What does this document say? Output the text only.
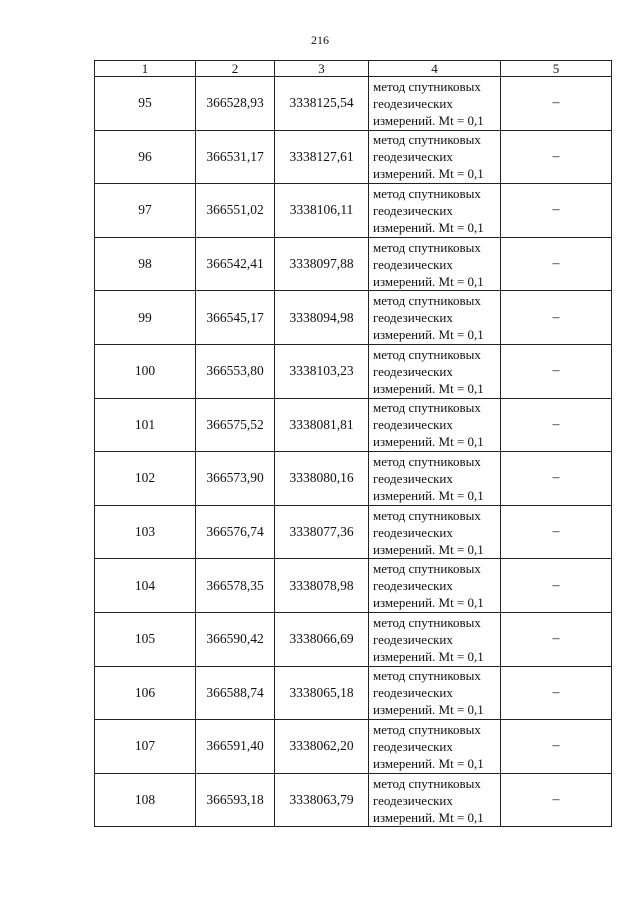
216
1	2	3	4	5
95	366528,93	3338125,54	метод спутниковых
геодезических
измерений. Mt = 0,1	–
96	366531,17	3338127,61	метод спутниковых
геодезических
измерений. Mt = 0,1	–
97	366551,02	3338106,11	метод спутниковых
геодезических
измерений. Mt = 0,1	–
98	366542,41	3338097,88	метод спутниковых
геодезических
измерений. Mt = 0,1	–
99	366545,17	3338094,98	метод спутниковых
геодезических
измерений. Mt = 0,1	–
100	366553,80	3338103,23	метод спутниковых
геодезических
измерений. Mt = 0,1	–
101	366575,52	3338081,81	метод спутниковых
геодезических
измерений. Mt = 0,1	–
102	366573,90	3338080,16	метод спутниковых
геодезических
измерений. Mt = 0,1	–
103	366576,74	3338077,36	метод спутниковых
геодезических
измерений. Mt = 0,1	–
104	366578,35	3338078,98	метод спутниковых
геодезических
измерений. Mt = 0,1	–
105	366590,42	3338066,69	метод спутниковых
геодезических
измерений. Mt = 0,1	–
106	366588,74	3338065,18	метод спутниковых
геодезических
измерений. Mt = 0,1	–
107	366591,40	3338062,20	метод спутниковых
геодезических
измерений. Mt = 0,1	–
108	366593,18	3338063,79	метод спутниковых
геодезических
измерений. Mt = 0,1	–
